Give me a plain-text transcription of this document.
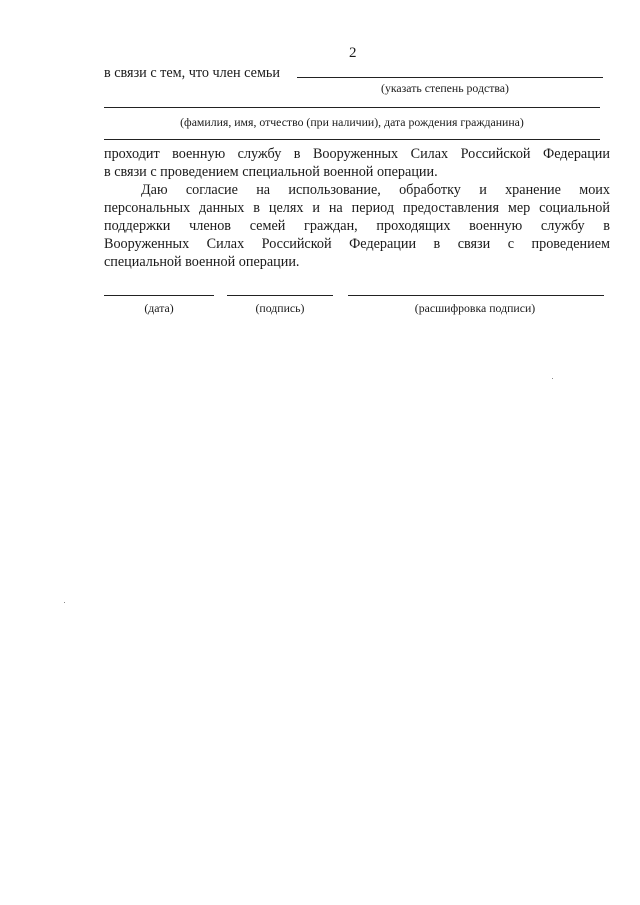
2
в связи с тем, что член семьи
(указать степень родства)
(фамилия, имя, отчество (при наличии), дата рождения гражданина)
проходит военную службу в Вооруженных Силах Российской Федерации
в связи с проведением специальной военной операции.
Даю согласие на использование, обработку и хранение моих
персональных данных в целях и на период предоставления мер социальной
поддержки членов семей граждан, проходящих военную службу в
Вооруженных Силах Российской Федерации в связи с проведением
специальной военной операции.
(дата)	(подпись)	(расшифровка подписи)
